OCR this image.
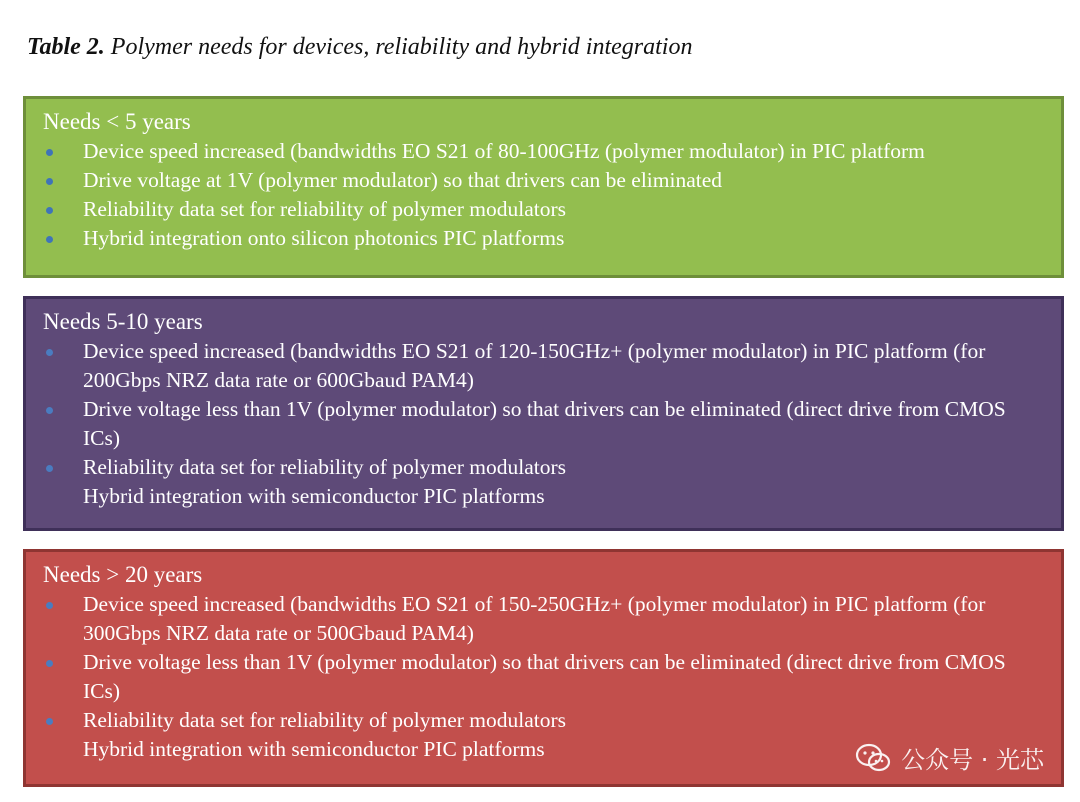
Table 2. Polymer needs for devices, reliability and hybrid integration
Needs < 5 years
Device speed increased (bandwidths EO S21 of 80-100GHz (polymer modulator) in PIC platform
Drive voltage at 1V (polymer modulator) so that drivers can be eliminated
Reliability data set for reliability of polymer modulators
Hybrid integration onto silicon photonics PIC platforms
Needs 5-10 years
Device speed increased (bandwidths EO S21 of 120-150GHz+ (polymer modulator) in PIC platform (for 200Gbps NRZ data rate or 600Gbaud PAM4)
Drive voltage less than 1V (polymer modulator) so that drivers can be eliminated (direct drive from CMOS ICs)
Reliability data set for reliability of polymer modulators
Hybrid integration with semiconductor PIC platforms
Needs > 20 years
Device speed increased (bandwidths EO S21 of 150-250GHz+ (polymer modulator) in PIC platform (for 300Gbps NRZ data rate or 500Gbaud PAM4)
Drive voltage less than 1V (polymer modulator) so that drivers can be eliminated (direct drive from CMOS ICs)
Reliability data set for reliability of polymer modulators
Hybrid integration with semiconductor PIC platforms	公众号 · 光芯
